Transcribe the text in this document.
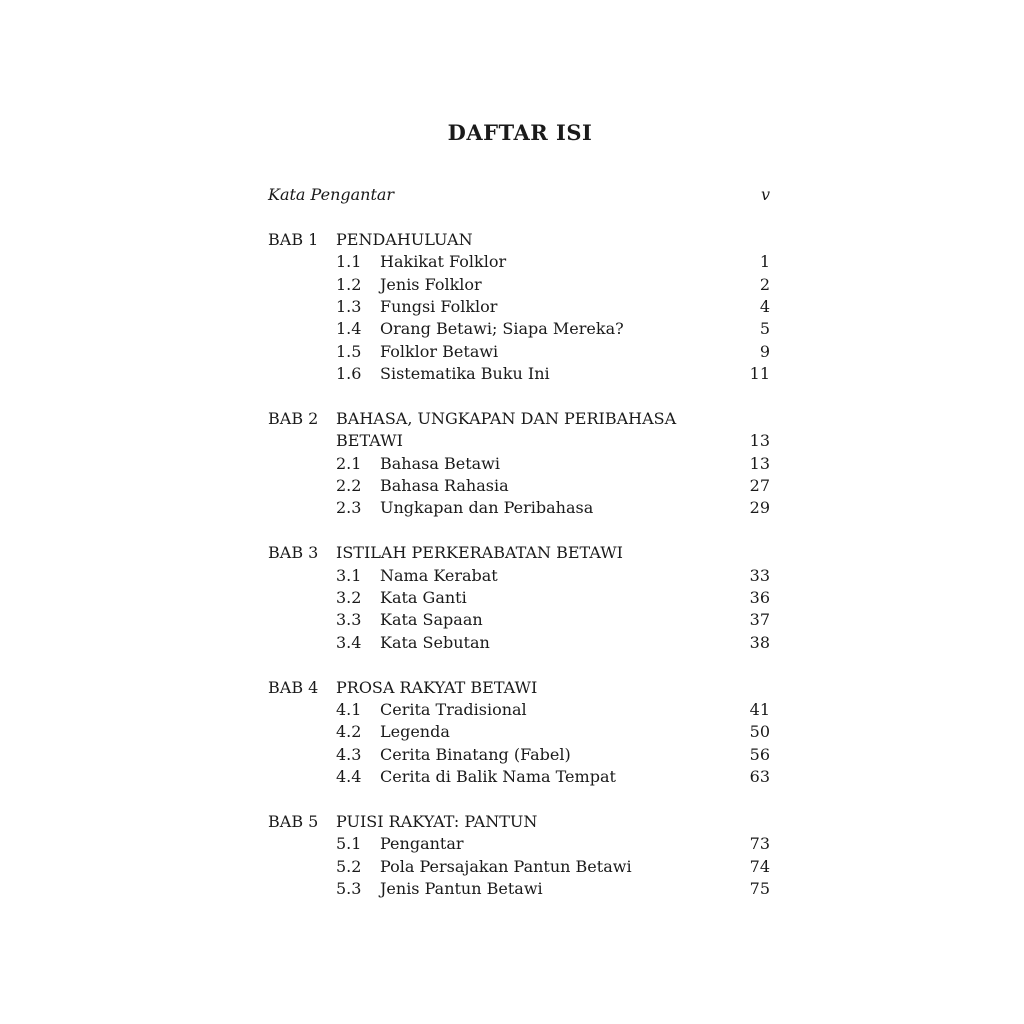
DAFTAR ISI
Kata Pengantar	v
BAB 1	PENDAHULUAN
1.1	Hakikat Folklor	1
1.2	Jenis Folklor	2
1.3	Fungsi Folklor	4
1.4	Orang Betawi; Siapa Mereka?	5
1.5	Folklor Betawi	9
1.6	Sistematika Buku Ini	11
BAB 2	BAHASA, UNGKAPAN DAN PERIBAHASA
BETAWI	13
2.1	Bahasa Betawi	13
2.2	Bahasa Rahasia	27
2.3	Ungkapan dan Peribahasa	29
BAB 3	ISTILAH PERKERABATAN BETAWI
3.1	Nama Kerabat	33
3.2	Kata Ganti	36
3.3	Kata Sapaan	37
3.4	Kata Sebutan	38
BAB 4	PROSA RAKYAT BETAWI
4.1	Cerita Tradisional	41
4.2	Legenda	50
4.3	Cerita Binatang (Fabel)	56
4.4	Cerita di Balik Nama Tempat	63
BAB 5	PUISI RAKYAT: PANTUN
5.1	Pengantar	73
5.2	Pola Persajakan Pantun Betawi	74
5.3	Jenis Pantun Betawi	75
